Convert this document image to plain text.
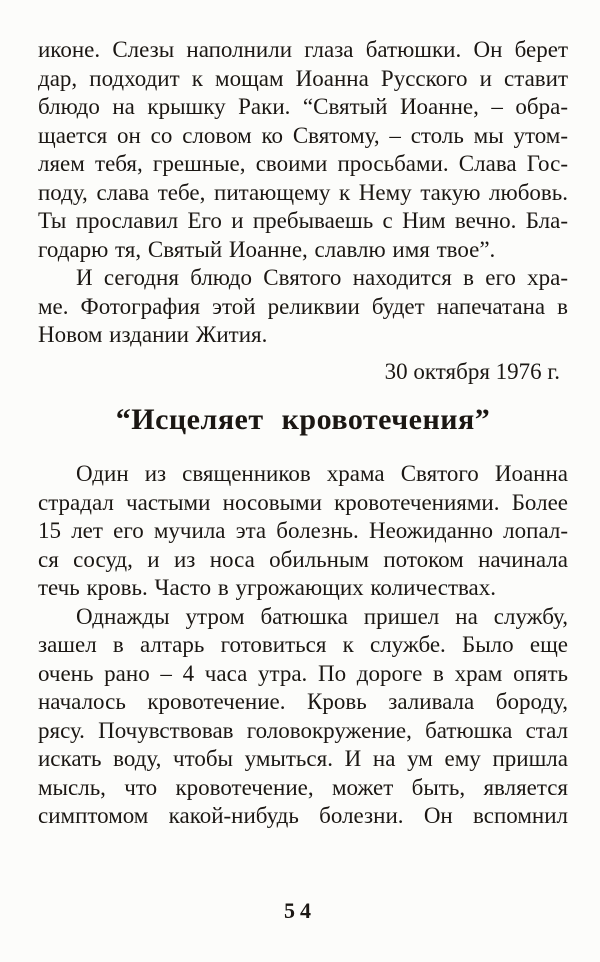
иконе. Слезы наполнили глаза батюшки. Он берет
дар, подходит к мощам Иоанна Русского и ставит
блюдо на крышку Раки. “Святый Иоанне, – обра-
щается он со словом ко Святому, – столь мы утом-
ляем тебя, грешные, своими просьбами. Слава Гос-
поду, слава тебе, питающему к Нему такую любовь.
Ты прославил Его и пребываешь с Ним вечно. Бла-
годарю тя, Святый Иоанне, славлю имя твое”.
И сегодня блюдо Святого находится в его хра-
ме. Фотография этой реликвии будет напечатана в
Новом издании Жития.
30 октября 1976 г.
“Исцеляет кровотечения”
Один из священников храма Святого Иоанна
страдал частыми носовыми кровотечениями. Более
15 лет его мучила эта болезнь. Неожиданно лопал-
ся сосуд, и из носа обильным потоком начинала
течь кровь. Часто в угрожающих количествах.
Однажды утром батюшка пришел на службу,
зашел в алтарь готовиться к службе. Было еще
очень рано – 4 часа утра. По дороге в храм опять
началось кровотечение. Кровь заливала бороду,
рясу. Почувствовав головокружение, батюшка стал
искать воду, чтобы умыться. И на ум ему пришла
мысль, что кровотечение, может быть, является
симптомом какой-нибудь болезни. Он вспомнил
54
